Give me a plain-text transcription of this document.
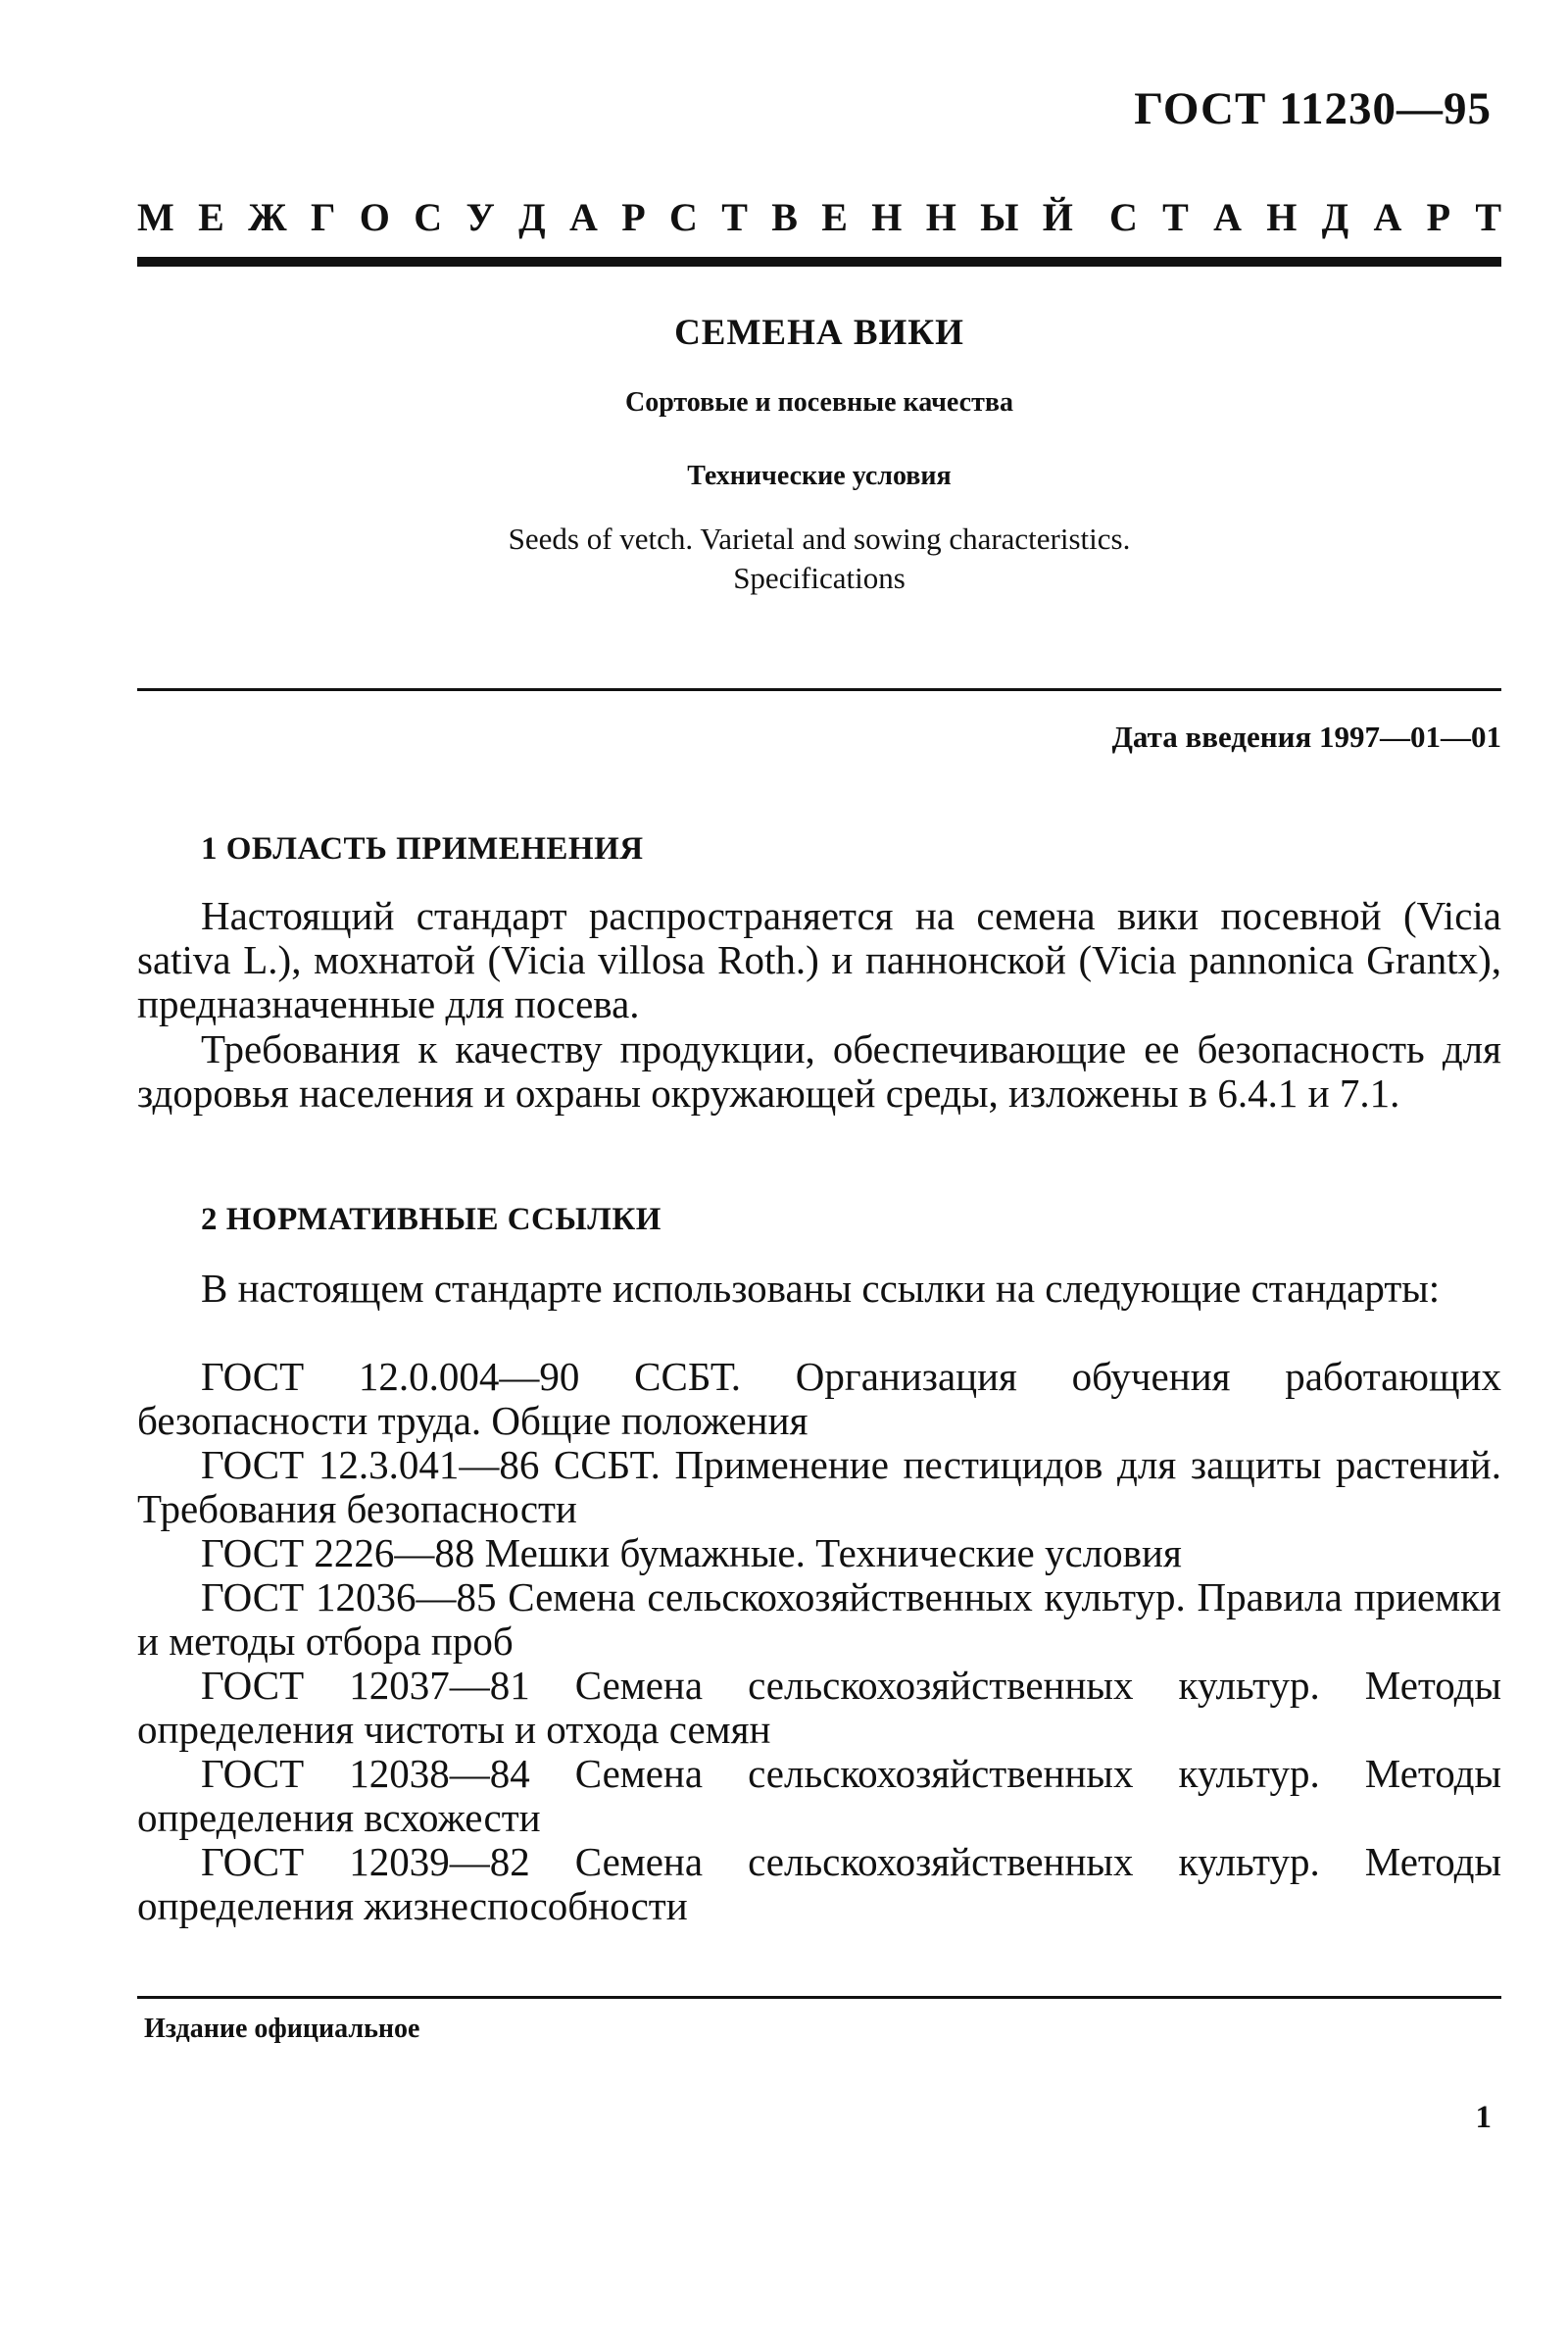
ГОСТ 11230—95
М Е Ж Г О С У Д А Р С Т В Е Н Н Ы Й С Т А Н Д А Р Т
СЕМЕНА ВИКИ
Сортовые и посевные качества
Технические условия
Seeds of vetch. Varietal and sowing characteristics.
Specifications
Дата введения 1997—01—01
1 ОБЛАСТЬ ПРИМЕНЕНИЯ

Настоящий стандарт распространяется на семена вики посевной (Vicia sativa L.), мохнатой (Vicia villosa Roth.) и паннонской (Vicia pannonica Grantx), предназначенные для посева.

Требования к качеству продукции, обеспечивающие ее безопасность для здоровья населения и охраны окружающей среды, изложены в 6.4.1 и 7.1.

2 НОРМАТИВНЫЕ ССЫЛКИ

В настоящем стандарте использованы ссылки на следующие стандарты:

ГОСТ 12.0.004—90 ССБТ. Организация обучения работающих безопасности труда. Общие положения

ГОСТ 12.3.041—86 ССБТ. Применение пестицидов для защиты растений. Требования безопасности

ГОСТ 2226—88 Мешки бумажные. Технические условия

ГОСТ 12036—85 Семена сельскохозяйственных культур. Правила приемки и методы отбора проб

ГОСТ 12037—81 Семена сельскохозяйственных культур. Методы определения чистоты и отхода семян

ГОСТ 12038—84 Семена сельскохозяйственных культур. Методы определения всхожести

ГОСТ 12039—82 Семена сельскохозяйственных культур. Методы определения жизнеспособности

Издание официальное
1
